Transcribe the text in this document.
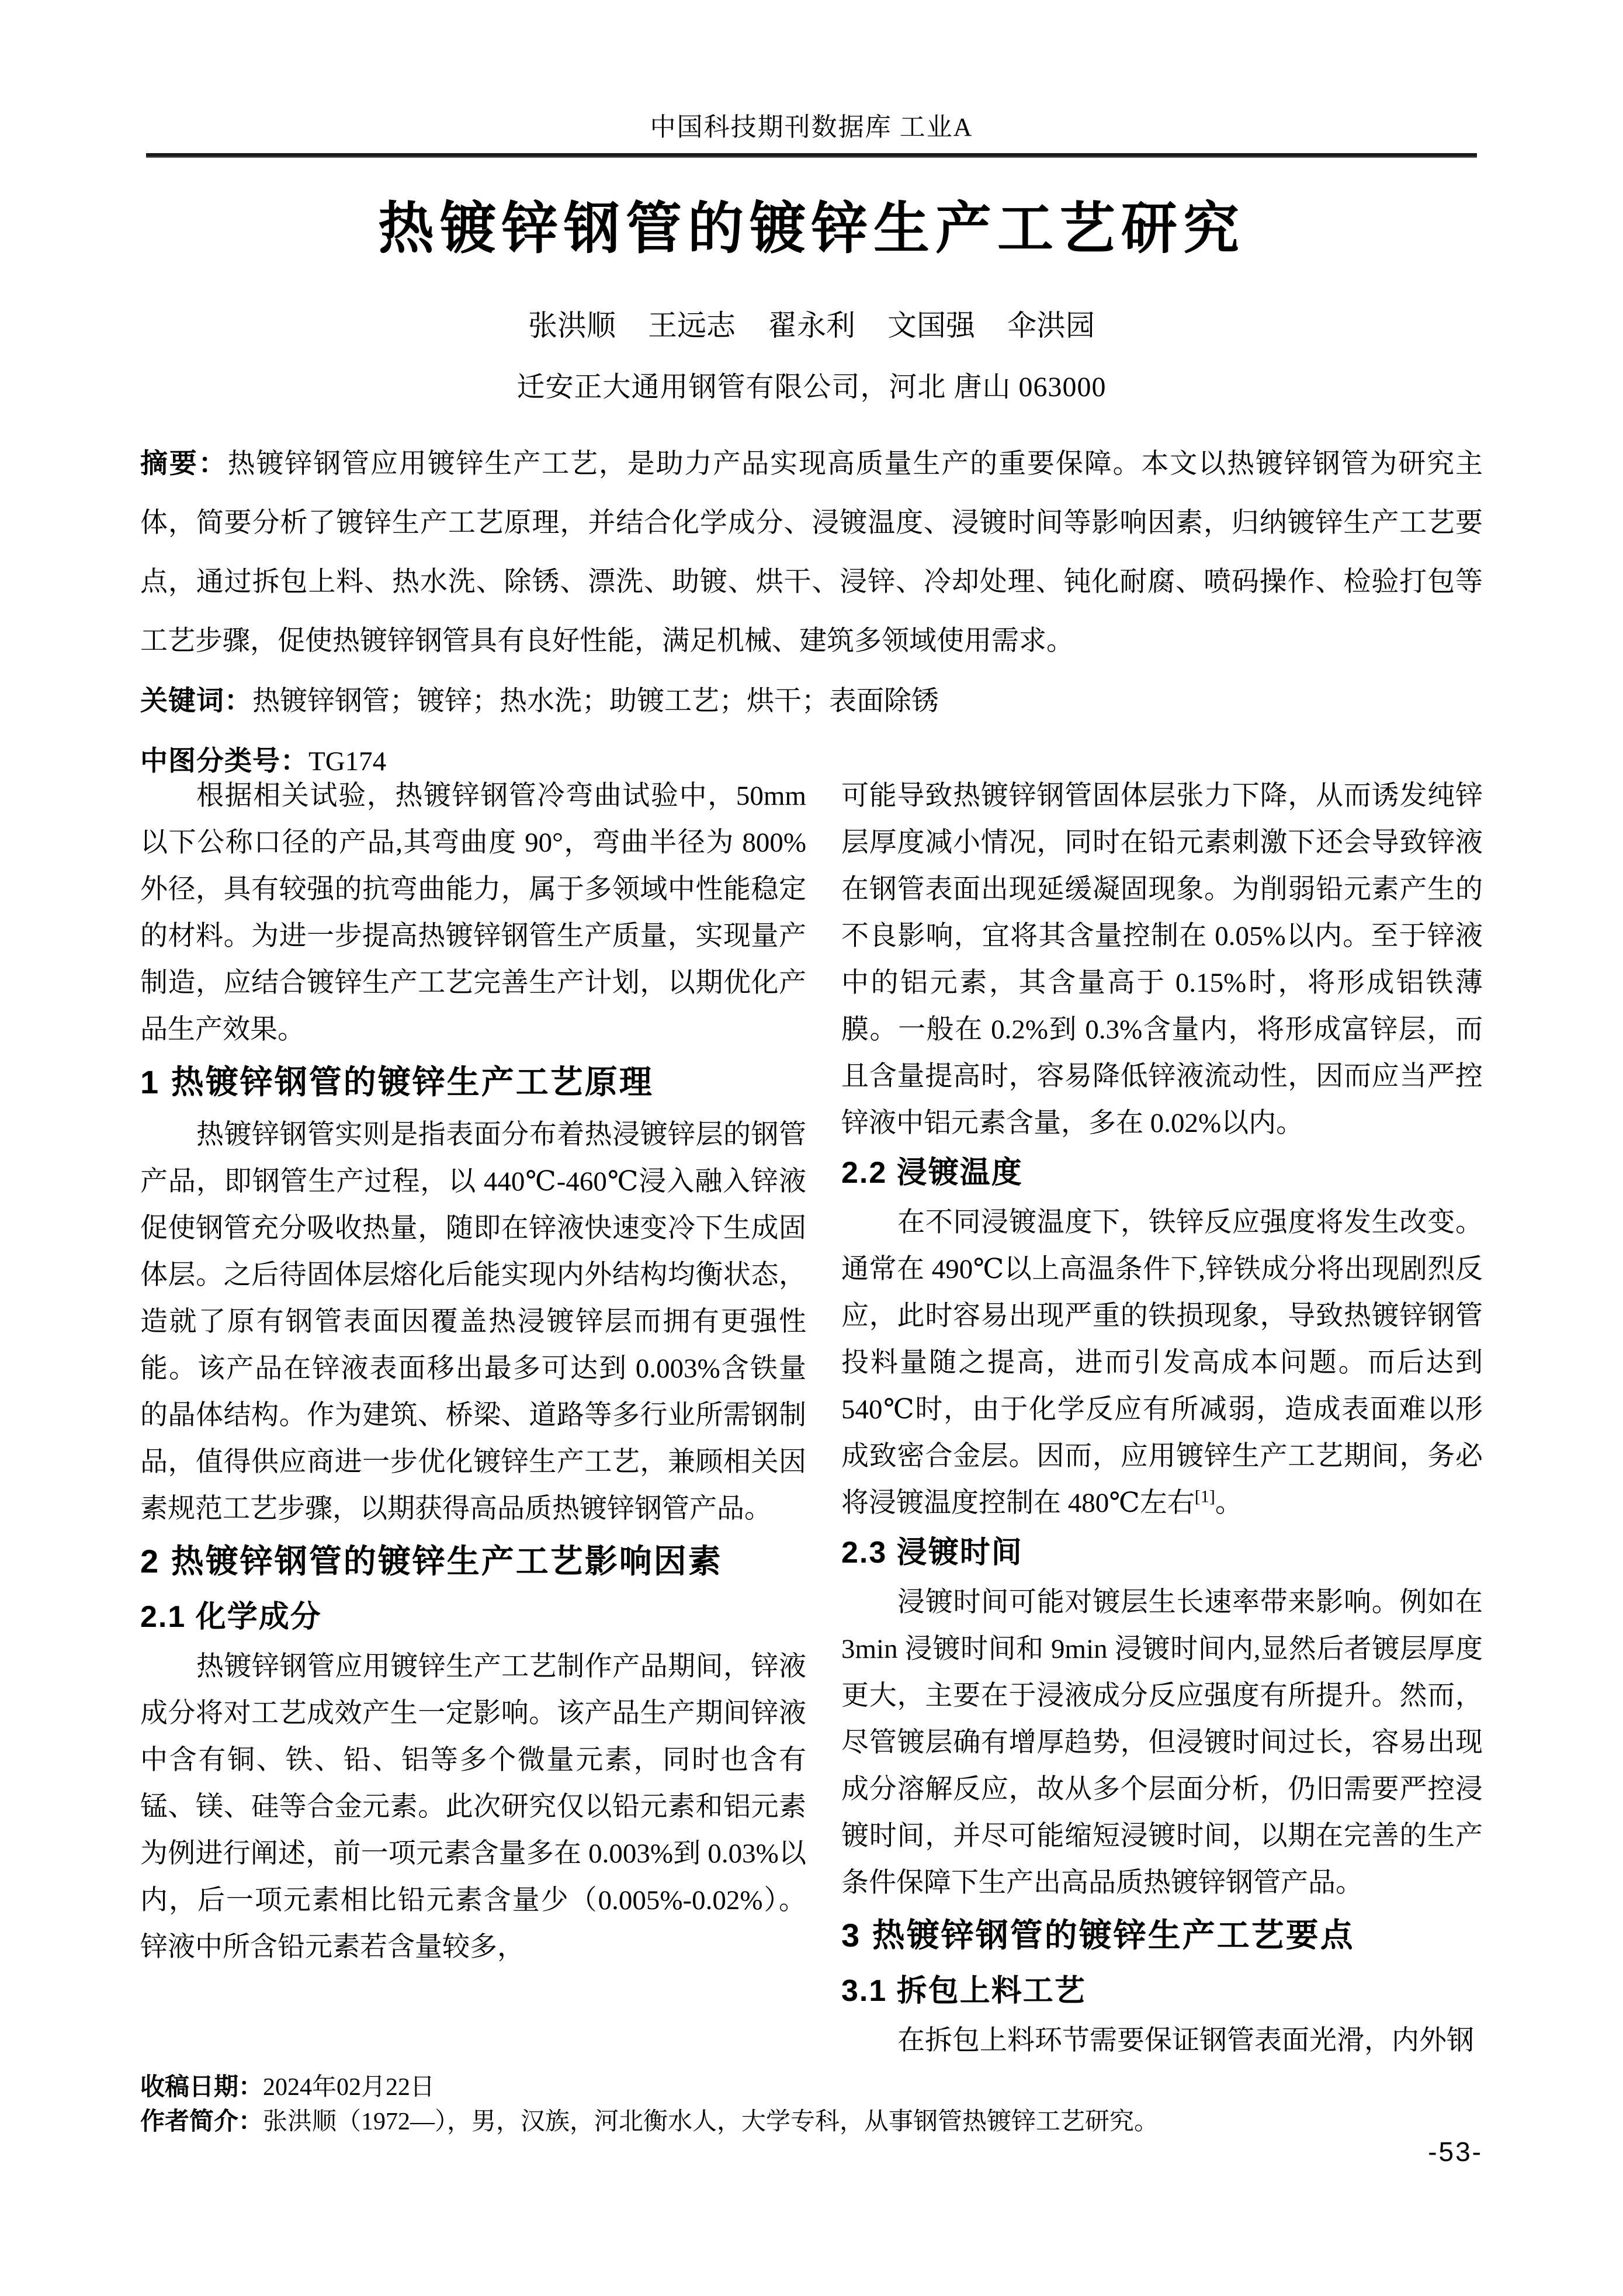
中国科技期刊数据库 工业A
热镀锌钢管的镀锌生产工艺研究
张洪顺 王远志 翟永利 文国强 伞洪园
迁安正大通用钢管有限公司，河北 唐山 063000

摘要：热镀锌钢管应用镀锌生产工艺，是助力产品实现高质量生产的重要保障。本文以热镀锌钢管为研究主体，简要分析了镀锌生产工艺原理，并结合化学成分、浸镀温度、浸镀时间等影响因素，归纳镀锌生产工艺要点，通过拆包上料、热水洗、除锈、漂洗、助镀、烘干、浸锌、冷却处理、钝化耐腐、喷码操作、检验打包等工艺步骤，促使热镀锌钢管具有良好性能，满足机械、建筑多领域使用需求。

关键词：热镀锌钢管；镀锌；热水洗；助镀工艺；烘干；表面除锈

中图分类号：TG174

根据相关试验，热镀锌钢管冷弯曲试验中，50mm 以下公称口径的产品,其弯曲度 90°，弯曲半径为 800%外径，具有较强的抗弯曲能力，属于多领域中性能稳定的材料。为进一步提高热镀锌钢管生产质量，实现量产制造，应结合镀锌生产工艺完善生产计划，以期优化产品生产效果。

1 热镀锌钢管的镀锌生产工艺原理

热镀锌钢管实则是指表面分布着热浸镀锌层的钢管产品，即钢管生产过程，以 440℃-460℃浸入融入锌液促使钢管充分吸收热量，随即在锌液快速变冷下生成固体层。之后待固体层熔化后能实现内外结构均衡状态，造就了原有钢管表面因覆盖热浸镀锌层而拥有更强性能。该产品在锌液表面移出最多可达到 0.003%含铁量的晶体结构。作为建筑、桥梁、道路等多行业所需钢制品，值得供应商进一步优化镀锌生产工艺，兼顾相关因素规范工艺步骤，以期获得高品质热镀锌钢管产品。

2 热镀锌钢管的镀锌生产工艺影响因素
2.1 化学成分

热镀锌钢管应用镀锌生产工艺制作产品期间，锌液成分将对工艺成效产生一定影响。该产品生产期间锌液中含有铜、铁、铅、铝等多个微量元素，同时也含有锰、镁、硅等合金元素。此次研究仅以铅元素和铝元素为例进行阐述，前一项元素含量多在 0.003%到 0.03%以内，后一项元素相比铅元素含量少（0.005%-0.02%）。锌液中所含铅元素若含量较多，

可能导致热镀锌钢管固体层张力下降，从而诱发纯锌层厚度减小情况，同时在铅元素刺激下还会导致锌液在钢管表面出现延缓凝固现象。为削弱铅元素产生的不良影响，宜将其含量控制在 0.05%以内。至于锌液中的铝元素，其含量高于 0.15%时，将形成铝铁薄膜。一般在 0.2%到 0.3%含量内，将形成富锌层，而且含量提高时，容易降低锌液流动性，因而应当严控锌液中铝元素含量，多在 0.02%以内。

2.2 浸镀温度

在不同浸镀温度下，铁锌反应强度将发生改变。通常在 490℃以上高温条件下,锌铁成分将出现剧烈反应，此时容易出现严重的铁损现象，导致热镀锌钢管投料量随之提高，进而引发高成本问题。而后达到 540℃时，由于化学反应有所减弱，造成表面难以形成致密合金层。因而，应用镀锌生产工艺期间，务必将浸镀温度控制在 480℃左右[1]。

2.3 浸镀时间

浸镀时间可能对镀层生长速率带来影响。例如在 3min 浸镀时间和 9min 浸镀时间内,显然后者镀层厚度更大，主要在于浸液成分反应强度有所提升。然而，尽管镀层确有增厚趋势，但浸镀时间过长，容易出现成分溶解反应，故从多个层面分析，仍旧需要严控浸镀时间，并尽可能缩短浸镀时间，以期在完善的生产条件保障下生产出高品质热镀锌钢管产品。

3 热镀锌钢管的镀锌生产工艺要点
3.1 拆包上料工艺

在拆包上料环节需要保证钢管表面光滑，内外钢

收稿日期：2024年02月22日

作者简介：张洪顺（1972—），男，汉族，河北衡水人，大学专科，从事钢管热镀锌工艺研究。

-53-
